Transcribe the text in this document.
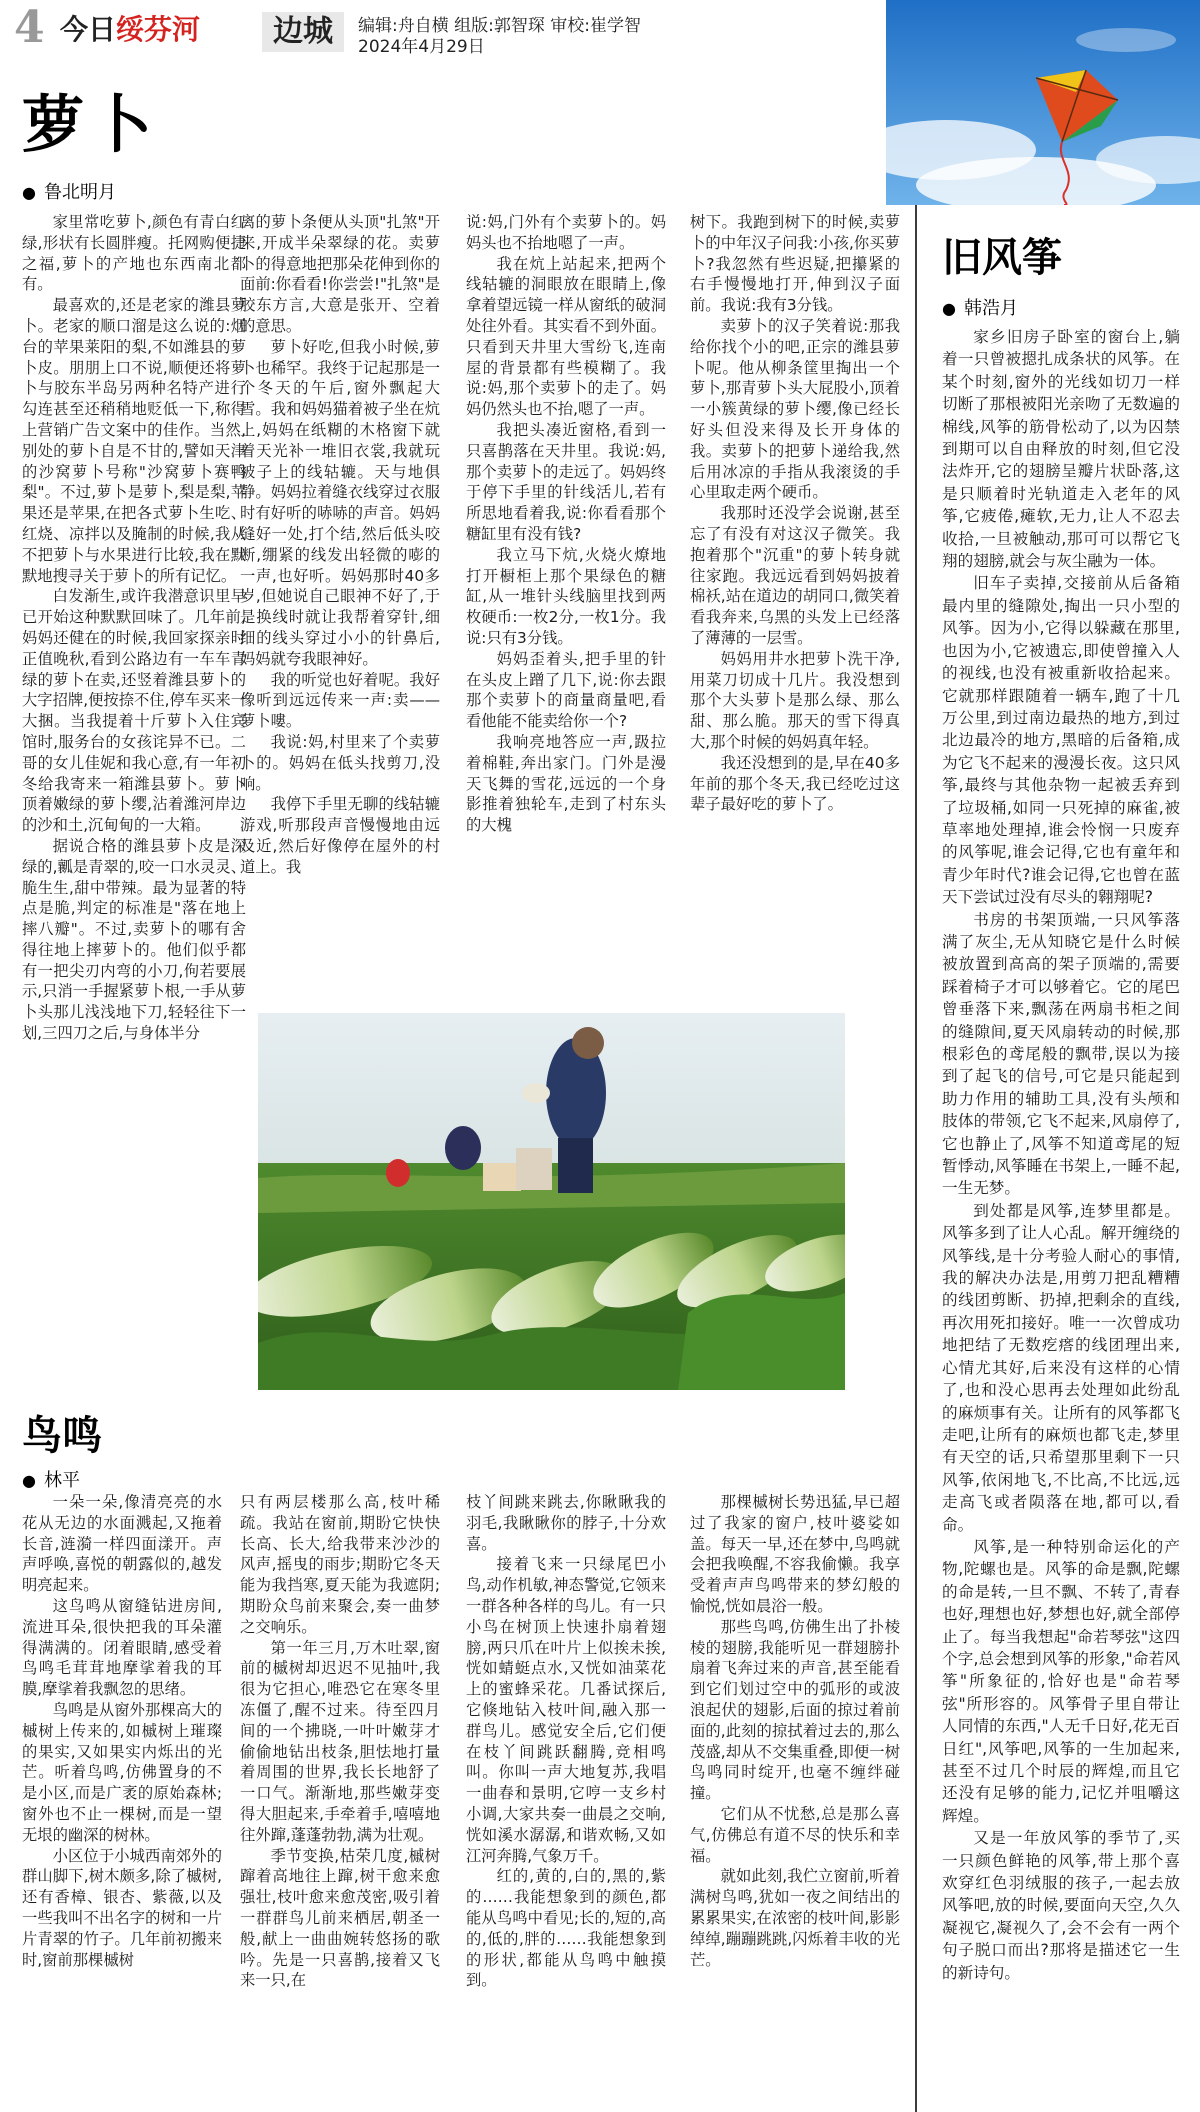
4 今日绥芬河	边城	编辑:舟自横 组版:郭智琛 审校:崔学智
2024年4月29日
萝卜
● 鲁北明月

家里常吃萝卜,颜色有青白红绿,形状有长圆胖瘦。托网购便捷之福,萝卜的产地也东西南北都有。

最喜欢的,还是老家的潍县萝卜。老家的顺口溜是这么说的:烟台的苹果莱阳的梨,不如潍县的萝卜皮。朋朋上口不说,顺便还将萝卜与胶东半岛另两种名特产进行勾连甚至还稍稍地贬低一下,称得上营销广告文案中的佳作。当然,别处的萝卜自是不甘的,譬如天津的沙窝萝卜号称"沙窝萝卜赛鸭梨"。不过,萝卜是萝卜,梨是梨,苹果还是苹果,在把各式萝卜生吃、红烧、凉拌以及腌制的时候,我从不把萝卜与水果进行比较,我在默默地搜寻关于萝卜的所有记忆。

白发渐生,或许我潜意识里早已开始这种默默回味了。几年前,妈妈还健在的时候,我回家探亲时正值晚秋,看到公路边有一车车青绿的萝卜在卖,还竖着潍县萝卜的大字招牌,便按捺不住,停车买来一大捆。当我提着十斤萝卜入住宾馆时,服务台的女孩诧异不已。二哥的女儿佳妮和我心意,有一年初冬给我寄来一箱潍县萝卜。萝卜顶着嫩绿的萝卜缨,沾着潍河岸边的沙和土,沉甸甸的一大箱。

据说合格的潍县萝卜皮是深绿的,瓤是青翠的,咬一口水灵灵、脆生生,甜中带辣。最为显著的特点是脆,判定的标准是"落在地上摔八瓣"。不过,卖萝卜的哪有舍得往地上摔萝卜的。他们似乎都有一把尖刃内弯的小刀,佝若要展示,只消一手握紧萝卜根,一手从萝卜头那儿浅浅地下刀,轻轻往下一划,三四刀之后,与身体半分

离的萝卜条便从头顶"扎煞"开来,开成半朵翠绿的花。卖萝卜的得意地把那朵花伸到你的面前:你看看!你尝尝!"扎煞"是胶东方言,大意是张开、空着的意思。

萝卜好吃,但我小时候,萝卜也稀罕。我终于记起那是一个冬天的午后,窗外飘起大雪。我和妈妈猫着被子坐在炕上,妈妈在纸糊的木格窗下就着天光补一堆旧衣裳,我就玩被子上的线轱辘。天与地俱静。妈妈拉着缝衣线穿过衣服时有好听的哧哧的声音。妈妈缝好一处,打个结,然后低头咬断,绷紧的线发出轻微的嘭的一声,也好听。妈妈那时40多岁,但她说自己眼神不好了,于是换线时就让我帮着穿针,细细的线头穿过小小的针鼻后,妈妈就夸我眼神好。

我的听觉也好着呢。我好像听到远远传来一声:卖——萝卜嘍。

我说:妈,村里来了个卖萝卜的。妈妈在低头找剪刀,没响。

我停下手里无聊的线轱辘游戏,听那段声音慢慢地由远及近,然后好像停在屋外的村道上。我

说:妈,门外有个卖萝卜的。妈妈头也不抬地嗯了一声。

我在炕上站起来,把两个线轱辘的洞眼放在眼睛上,像拿着望远镜一样从窗纸的破洞处往外看。其实看不到外面。只看到天井里大雪纷飞,连南屋的背景都有些模糊了。我说:妈,那个卖萝卜的走了。妈妈仍然头也不抬,嗯了一声。

我把头凑近窗格,看到一只喜鹊落在天井里。我说:妈,那个卖萝卜的走远了。妈妈终于停下手里的针线活儿,若有所思地看着我,说:你看看那个糖缸里有没有钱?

我立马下炕,火烧火燎地打开橱柜上那个果绿色的糖缸,从一堆针头线脑里找到两枚硬币:一枚2分,一枚1分。我说:只有3分钱。

妈妈歪着头,把手里的针在头皮上蹭了几下,说:你去跟那个卖萝卜的商量商量吧,看看他能不能卖给你一个?

我响亮地答应一声,趿拉着棉鞋,奔出家门。门外是漫天飞舞的雪花,远远的一个身影推着独轮车,走到了村东头的大槐

树下。我跑到树下的时候,卖萝卜的中年汉子问我:小孩,你买萝卜?我忽然有些迟疑,把攥紧的右手慢慢地打开,伸到汉子面前。我说:我有3分钱。

卖萝卜的汉子笑着说:那我给你找个小的吧,正宗的潍县萝卜呢。他从柳条筐里掏出一个萝卜,那青萝卜头大屁股小,顶着一小簇黄绿的萝卜缨,像已经长好头但没来得及长开身体的我。卖萝卜的把萝卜递给我,然后用冰凉的手指从我滚烫的手心里取走两个硬币。

我那时还没学会说谢,甚至忘了有没有对这汉子微笑。我抱着那个"沉重"的萝卜转身就往家跑。我远远看到妈妈披着棉袄,站在道边的胡同口,微笑着看我奔来,乌黑的头发上已经落了薄薄的一层雪。

妈妈用井水把萝卜洗干净,用菜刀切成十几片。我没想到那个大头萝卜是那么绿、那么甜、那么脆。那天的雪下得真大,那个时候的妈妈真年轻。

我还没想到的是,早在40多年前的那个冬天,我已经吃过这辈子最好吃的萝卜了。

鸟鸣
● 林平

一朵一朵,像清亮亮的水花从无边的水面溅起,又拖着长音,涟漪一样四面漾开。声声呼唤,喜悦的朝露似的,越发明亮起来。

这鸟鸣从窗缝钻进房间,流进耳朵,很快把我的耳朵灌得满满的。闭着眼睛,感受着鸟鸣毛茸茸地摩挲着我的耳膜,摩挲着我飘忽的思绪。

鸟鸣是从窗外那棵高大的槭树上传来的,如槭树上璀璨的果实,又如果实内烁出的光芒。听着鸟鸣,仿佛置身的不是小区,而是广袤的原始森林;窗外也不止一棵树,而是一望无垠的幽深的树林。

小区位于小城西南郊外的群山脚下,树木颇多,除了槭树,还有香樟、银杏、紫薇,以及一些我叫不出名字的树和一片片青翠的竹子。几年前初搬来时,窗前那棵槭树

只有两层楼那么高,枝叶稀疏。我站在窗前,期盼它快快长高、长大,给我带来沙沙的风声,摇曳的雨步;期盼它冬天能为我挡寒,夏天能为我遮阴;期盼众鸟前来聚会,奏一曲梦之交响乐。

第一年三月,万木吐翠,窗前的槭树却迟迟不见抽叶,我很为它担心,唯恐它在寒冬里冻僵了,醒不过来。待至四月间的一个拂晓,一叶叶嫩芽才偷偷地钻出枝条,胆怯地打量着周围的世界,我长长地舒了一口气。渐渐地,那些嫩芽变得大胆起来,手牵着手,嘻嘻地往外蹿,蓬蓬勃勃,满为壮观。

季节变换,枯荣几度,槭树蹿着高地往上蹿,树干愈来愈强壮,枝叶愈来愈茂密,吸引着一群群鸟儿前来栖居,朝圣一般,献上一曲曲婉转悠扬的歌吟。先是一只喜鹊,接着又飞来一只,在

枝丫间跳来跳去,你瞅瞅我的羽毛,我瞅瞅你的脖子,十分欢喜。

接着飞来一只绿尾巴小鸟,动作机敏,神态警觉,它领来一群各种各样的鸟儿。有一只小鸟在树顶上快速扑扇着翅膀,两只爪在叶片上似挨未挨,恍如蜻蜓点水,又恍如油菜花上的蜜蜂采花。几番试探后,它倏地钻入枝叶间,融入那一群鸟儿。感觉安全后,它们便在枝丫间跳跃翻腾,竞相鸣叫。你叫一声大地复苏,我唱一曲春和景明,它哼一支乡村小调,大家共奏一曲晨之交响,恍如溪水潺潺,和谐欢畅,又如江河奔腾,气象万千。

红的,黄的,白的,黑的,紫的……我能想象到的颜色,都能从鸟鸣中看见;长的,短的,高的,低的,胖的……我能想象到的形状,都能从鸟鸣中触摸到。

那棵槭树长势迅猛,早已超过了我家的窗户,枝叶婆娑如盖。每天一早,还在梦中,鸟鸣就会把我唤醒,不容我偷懒。我享受着声声鸟鸣带来的梦幻般的愉悦,恍如晨浴一般。

那些鸟鸣,仿佛生出了扑棱棱的翅膀,我能听见一群翅膀扑扇着飞奔过来的声音,甚至能看到它们划过空中的弧形的或波浪起伏的翅影,后面的掠过着前面的,此刻的掠拭着过去的,那么茂盛,却从不交集重叠,即便一树鸟鸣同时绽开,也毫不缠绊碰撞。

它们从不忧愁,总是那么喜气,仿佛总有道不尽的快乐和幸福。

就如此刻,我伫立窗前,听着满树鸟鸣,犹如一夜之间结出的累累果实,在浓密的枝叶间,影影绰绰,蹦蹦跳跳,闪烁着丰收的光芒。

旧风筝
● 韩浩月

家乡旧房子卧室的窗台上,躺着一只曾被摁扎成条状的风筝。在某个时刻,窗外的光线如切刀一样切断了那根被阳光亲吻了无数遍的棉线,风筝的筋骨松动了,以为囚禁到期可以自由释放的时刻,但它没法炸开,它的翅膀呈瓣片状卧落,这是只顺着时光轨道走入老年的风筝,它疲倦,瘫软,无力,让人不忍去收拾,一旦被触动,那可可以帮它飞翔的翅膀,就会与灰尘融为一体。

旧车子卖掉,交接前从后备箱最内里的缝隙处,掏出一只小型的风筝。因为小,它得以躲藏在那里,也因为小,它被遗忘,即使曾撞入人的视线,也没有被重新收拾起来。它就那样跟随着一辆车,跑了十几万公里,到过南边最热的地方,到过北边最冷的地方,黑暗的后备箱,成为它飞不起来的漫漫长夜。这只风筝,最终与其他杂物一起被丢弃到了垃圾桶,如同一只死掉的麻雀,被草率地处理掉,谁会怜悯一只废弃的风筝呢,谁会记得,它也有童年和青少年时代?谁会记得,它也曾在蓝天下尝试过没有尽头的翱翔呢?

书房的书架顶端,一只风筝落满了灰尘,无从知晓它是什么时候被放置到高高的架子顶端的,需要踩着椅子才可以够着它。它的尾巴曾垂落下来,飘荡在两扇书柜之间的缝隙间,夏天风扇转动的时候,那根彩色的鸢尾般的飘带,误以为接到了起飞的信号,可它是只能起到助力作用的辅助工具,没有头颅和肢体的带领,它飞不起来,风扇停了,它也静止了,风筝不知道鸢尾的短暂悸动,风筝睡在书架上,一睡不起,一生无梦。

到处都是风筝,连梦里都是。风筝多到了让人心乱。解开缠绕的风筝线,是十分考验人耐心的事情,我的解决办法是,用剪刀把乱糟糟的线团剪断、扔掉,把剩余的直线,再次用死扣接好。唯一一次曾成功地把结了无数疙瘩的线团理出来,心情尤其好,后来没有这样的心情了,也和没心思再去处理如此纷乱的麻烦事有关。让所有的风筝都飞走吧,让所有的麻烦也都飞走,梦里有天空的话,只希望那里剩下一只风筝,依闲地飞,不比高,不比远,远走高飞或者陨落在地,都可以,看命。

风筝,是一种特别命运化的产物,陀螺也是。风筝的命是飘,陀螺的命是转,一旦不飘、不转了,青春也好,理想也好,梦想也好,就全部停止了。每当我想起"命若琴弦"这四个字,总会想到风筝的形象,"命若风筝"所象征的,恰好也是"命若琴弦"所形容的。风筝骨子里自带让人同情的东西,"人无千日好,花无百日红",风筝吧,风筝的一生加起来,甚至不过几个时辰的辉煌,而且它还没有足够的能力,记忆并咀嚼这辉煌。

又是一年放风筝的季节了,买一只颜色鲜艳的风筝,带上那个喜欢穿红色羽绒服的孩子,一起去放风筝吧,放的时候,要面向天空,久久凝视它,凝视久了,会不会有一两个句子脱口而出?那将是描述它一生的新诗句。
